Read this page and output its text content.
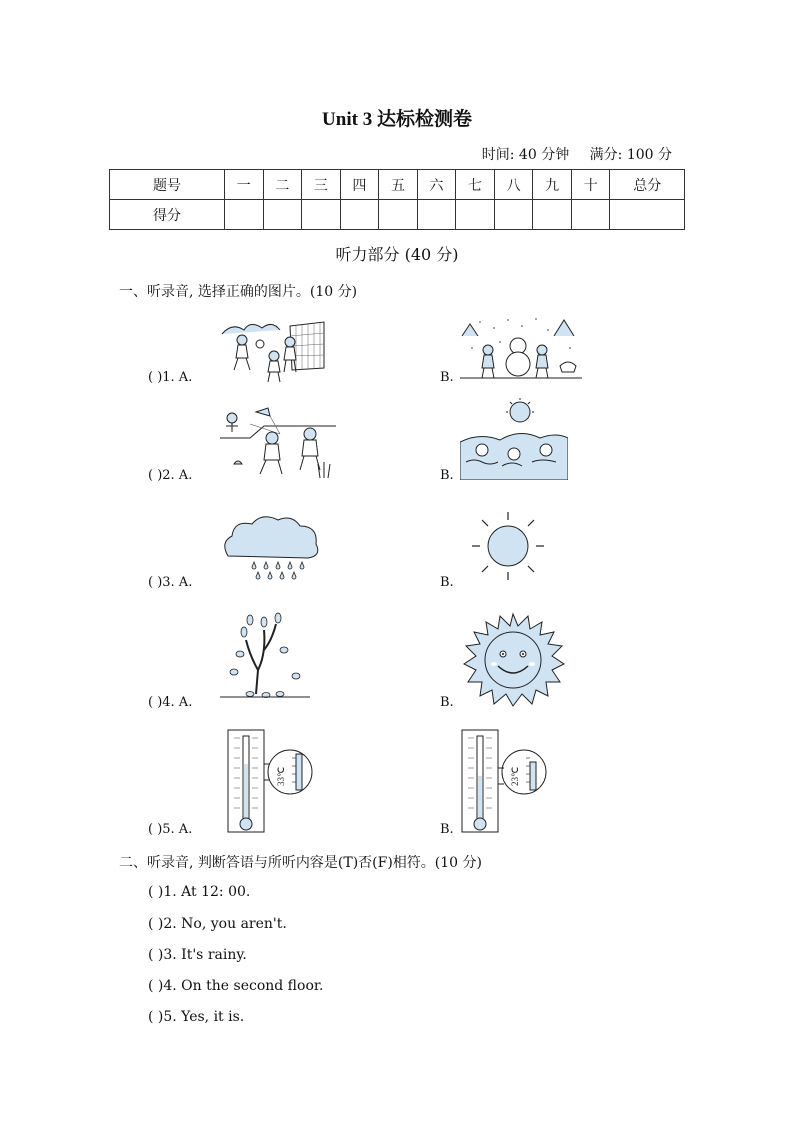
Unit 3 达标检测卷
时间: 40 分钟 满分: 100 分
题号	一	二	三	四	五	六	七	八	九	十	总分
得分											
听力部分 (40 分)
一、听录音, 选择正确的图片。(10 分)
( )1. A.	B.
( )2. A.	B.
( )3. A.	B.
( )4. A.	B.
( )5. A.
33℃
B.
23℃
二、听录音, 判断答语与所听内容是(T)否(F)相符。(10 分)
( )1. At 12: 00.
( )2. No, you aren't.
( )3. It's rainy.
( )4. On the second floor.
( )5. Yes, it is.
